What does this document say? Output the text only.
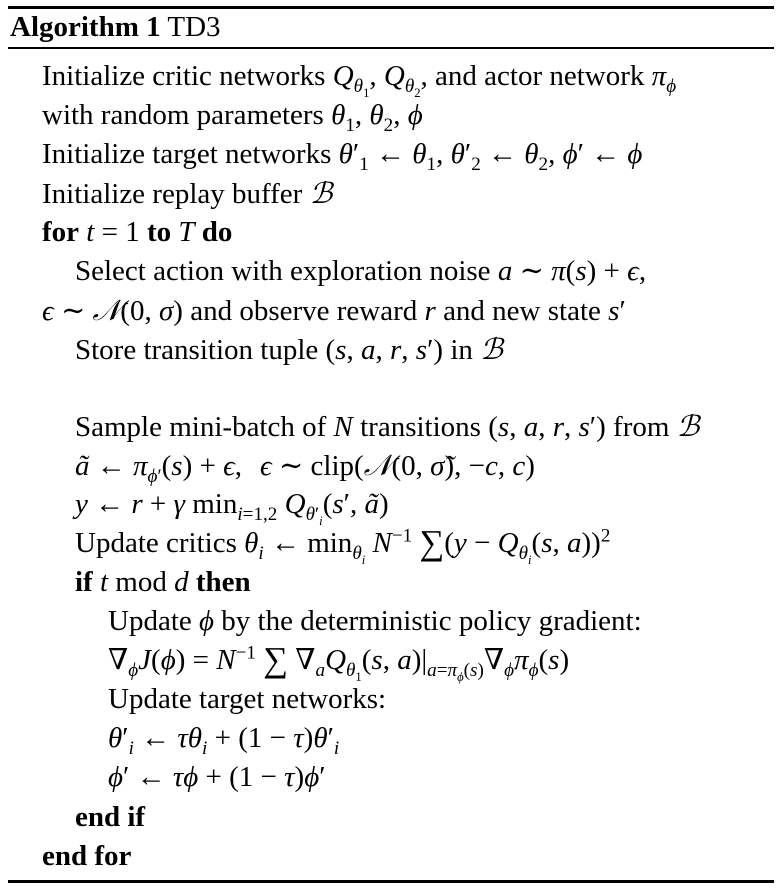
Algorithm 1 TD3
Initialize critic networks $Q_{\theta_1}$, $Q_{\theta_2}$, and actor network $\pi_\phi$
with random parameters $\theta_1$, $\theta_2$, ϕ
Initialize target networks $\theta'_1$ ← $\theta_1$, $\theta'_2$ ← $\theta_2$, ϕ′ ← ϕ
Initialize replay buffer ℬ
for t = 1 to T do
Select action with exploration noise a ∼ π(s) + ϵ,
ϵ ∼ 𝒩(0, σ) and observe reward r and new state s′
Store transition tuple (s, a, r, s′) in ℬ
Sample mini-batch of N transitions (s, a, r, s′) from ℬ
ã ← $\pi_{\phi'}(s) + \epsilon$, ϵ ∼ clip(𝒩(0, σ̃), −c, c)
y ← r + γ $\min_{i=1,2} Q_{\theta'_i}(s'$, ã)
Update critics $\theta_i$ ← $\min_{\theta_i} N^{-1}$ $\sum(y - Q_{\theta_i}(s$, a))$^2$
if t mod d then
Update ϕ by the deterministic policy gradient:
$\nabla_\phi J(\phi) = N^{-1}$ ∑ $\nabla_aQ_{\theta_1}(s$, $a)|_{a=\pi_\phi(s)}\nabla_\phi\pi_\phi(s)$
Update target networks:
$\theta'_i$ ← $\tau\theta_i + (1 - \tau)\theta'_i$
ϕ′ ← τϕ + (1 − τ)ϕ′
end if
end for
